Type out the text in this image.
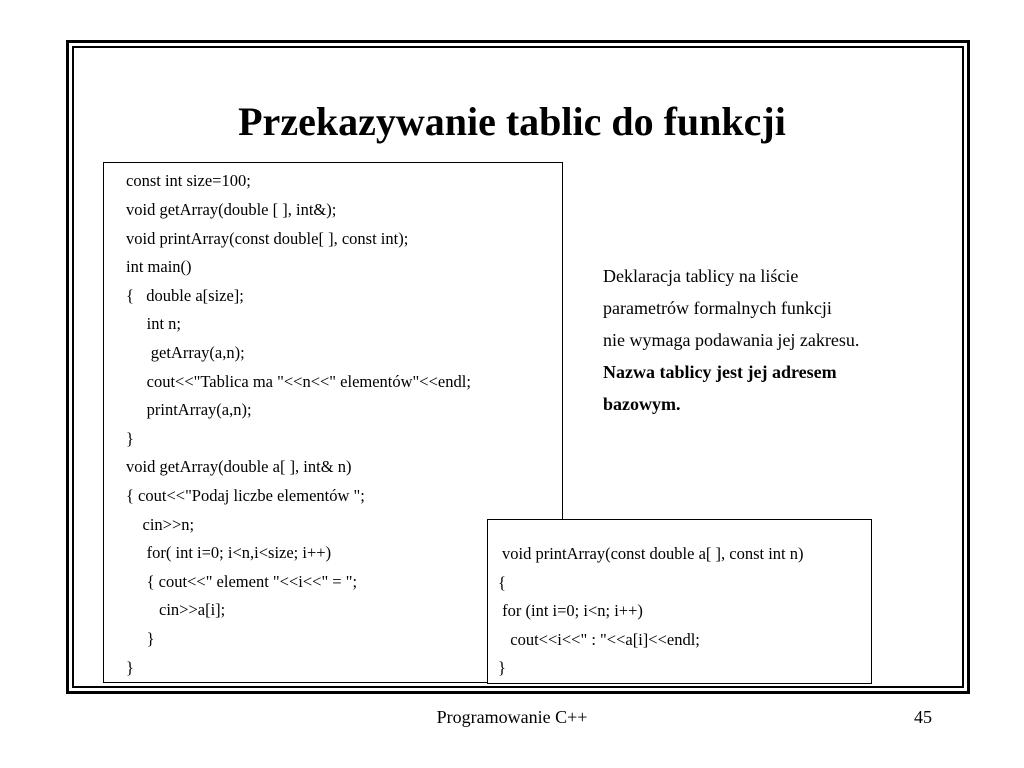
Przekazywanie tablic do funkcji
const int size=100;
void getArray(double [ ], int&);
void printArray(const double[ ], const int);
int main()
{   double a[size];
int n;
getArray(a,n);
cout<<"Tablica ma "<<n<<" elementów"<<endl;
printArray(a,n);
}
void getArray(double a[ ], int& n)
{ cout<<"Podaj liczbe elementów ";
cin>>n;
for( int i=0; i<n,i<size; i++)
{ cout<<" element "<<i<<" = ";
cin>>a[i];
}
}
void printArray(const double a[ ], const int n)
{
for (int i=0; i<n; i++)
cout<<i<<" : "<<a[i]<<endl;
}
Deklaracja tablicy na liście
parametrów formalnych funkcji
nie wymaga podawania jej zakresu.
Nazwa tablicy jest jej adresem
bazowym.
Programowanie C++	45
